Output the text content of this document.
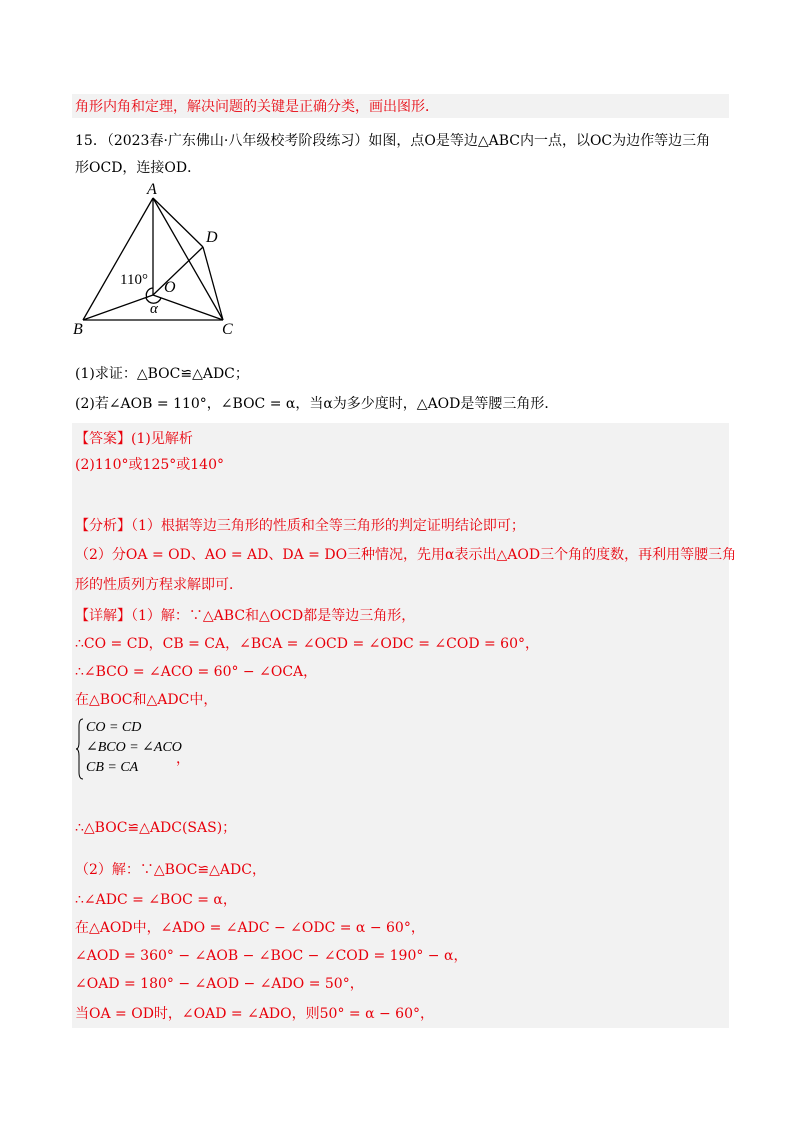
角形内角和定理，解决问题的关键是正确分类，画出图形．
15．（2023春·广东佛山·八年级校考阶段练习）如图，点O是等边△ABC内一点，以OC为边作等边三角
形OCD，连接OD．
A
B	C
D
O
α
110°
(1)求证：△BOC≌△ADC；
(2)若∠AOB = 110°，∠BOC = α，当α为多少度时，△AOD是等腰三角形．
【答案】(1)见解析
(2)110°或125°或140°
【分析】（1）根据等边三角形的性质和全等三角形的判定证明结论即可；
（2）分OA = OD、AO = AD、DA = DO三种情况，先用α表示出△AOD三个角的度数，再利用等腰三角
形的性质列方程求解即可．
【详解】（1）解：∵△ABC和△OCD都是等边三角形，
∴CO = CD，CB = CA，∠BCA = ∠OCD = ∠ODC = ∠COD = 60°，
∴∠BCO = ∠ACO = 60° − ∠OCA，
在△BOC和△ADC中，
CO = CD
∠BCO = ∠ACO
CB = CA
，
∴△BOC≌△ADC(SAS)；
（2）解：∵△BOC≌△ADC，
∴∠ADC = ∠BOC = α，
在△AOD中，∠ADO = ∠ADC − ∠ODC = α − 60°，
∠AOD = 360° − ∠AOB − ∠BOC − ∠COD = 190° − α，
∠OAD = 180° − ∠AOD − ∠ADO = 50°，
当OA = OD时，∠OAD = ∠ADO，则50° = α − 60°，
